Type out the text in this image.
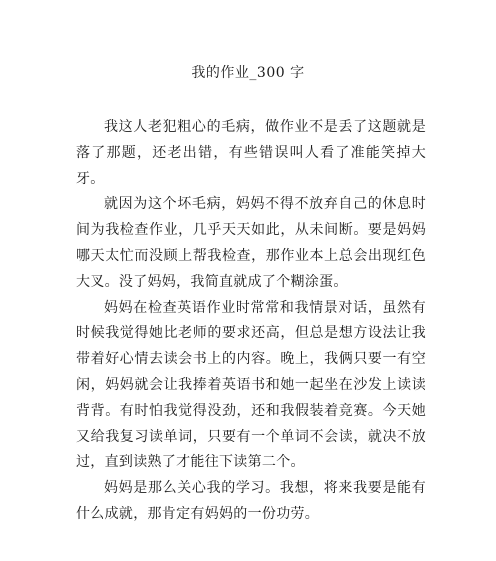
我的作业_300 字

我这人老犯粗心的毛病，做作业不是丢了这题就是落了那题，还老出错，有些错误叫人看了准能笑掉大牙。

就因为这个坏毛病，妈妈不得不放弃自己的休息时间为我检查作业，几乎天天如此，从未间断。要是妈妈哪天太忙而没顾上帮我检查，那作业本上总会出现红色大叉。没了妈妈，我简直就成了个糊涂蛋。

妈妈在检查英语作业时常常和我情景对话，虽然有时候我觉得她比老师的要求还高，但总是想方设法让我带着好心情去读会书上的内容。晚上，我俩只要一有空闲，妈妈就会让我捧着英语书和她一起坐在沙发上读读背背。有时怕我觉得没劲，还和我假装着竞赛。今天她又给我复习读单词，只要有一个单词不会读，就决不放过，直到读熟了才能往下读第二个。

妈妈是那么关心我的学习。我想，将来我要是能有什么成就，那肯定有妈妈的一份功劳。
